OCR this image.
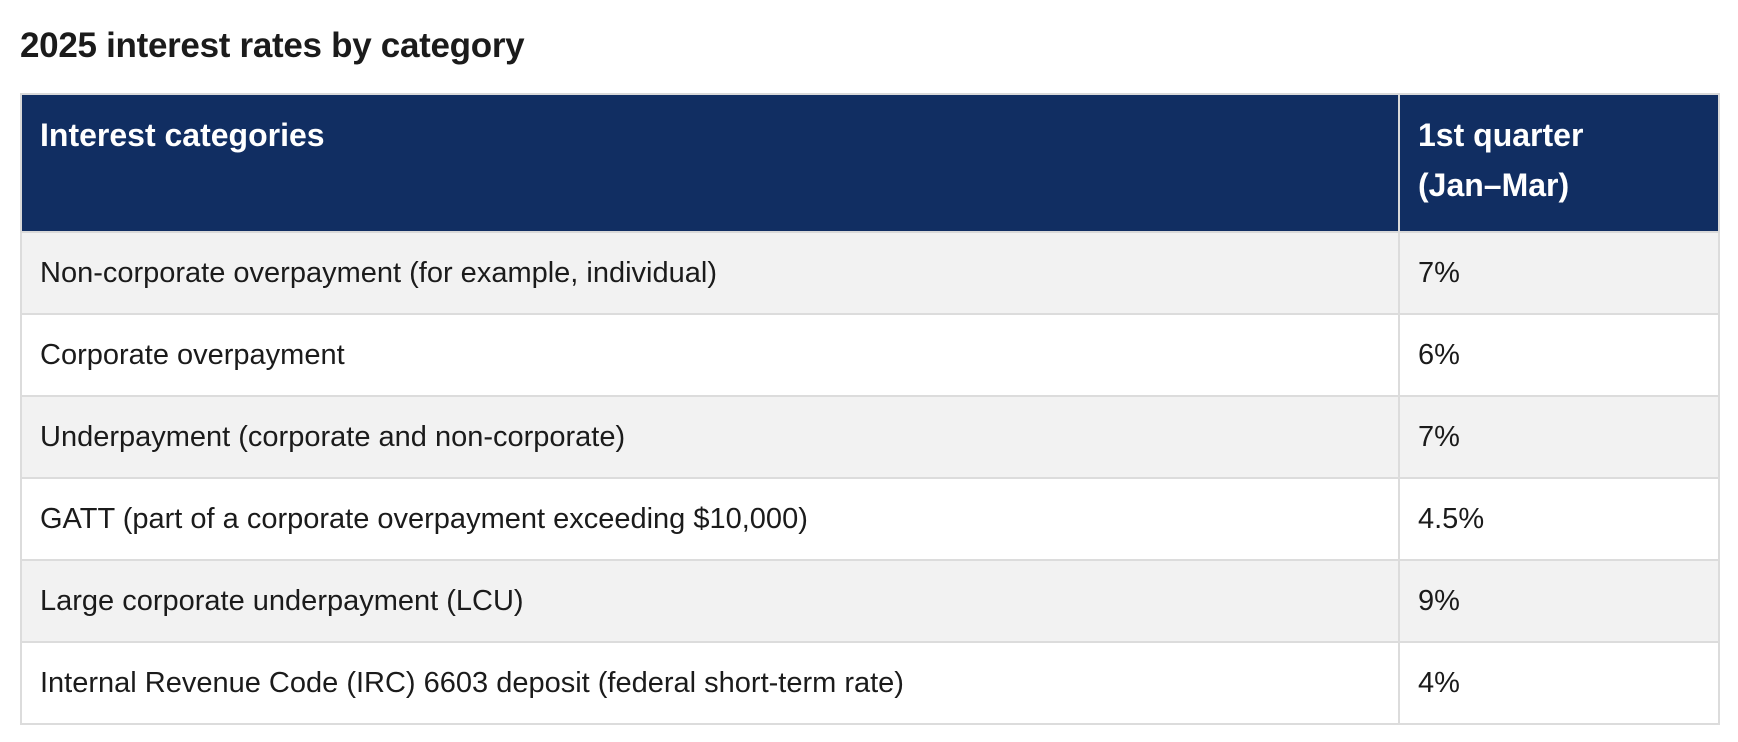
2025 interest rates by category
Interest categories	1st quarter
(Jan–Mar)
Non-corporate overpayment (for example, individual)	7%
Corporate overpayment	6%
Underpayment (corporate and non-corporate)	7%
GATT (part of a corporate overpayment exceeding $10,000)	4.5%
Large corporate underpayment (LCU)	9%
Internal Revenue Code (IRC) 6603 deposit (federal short-term rate)	4%
